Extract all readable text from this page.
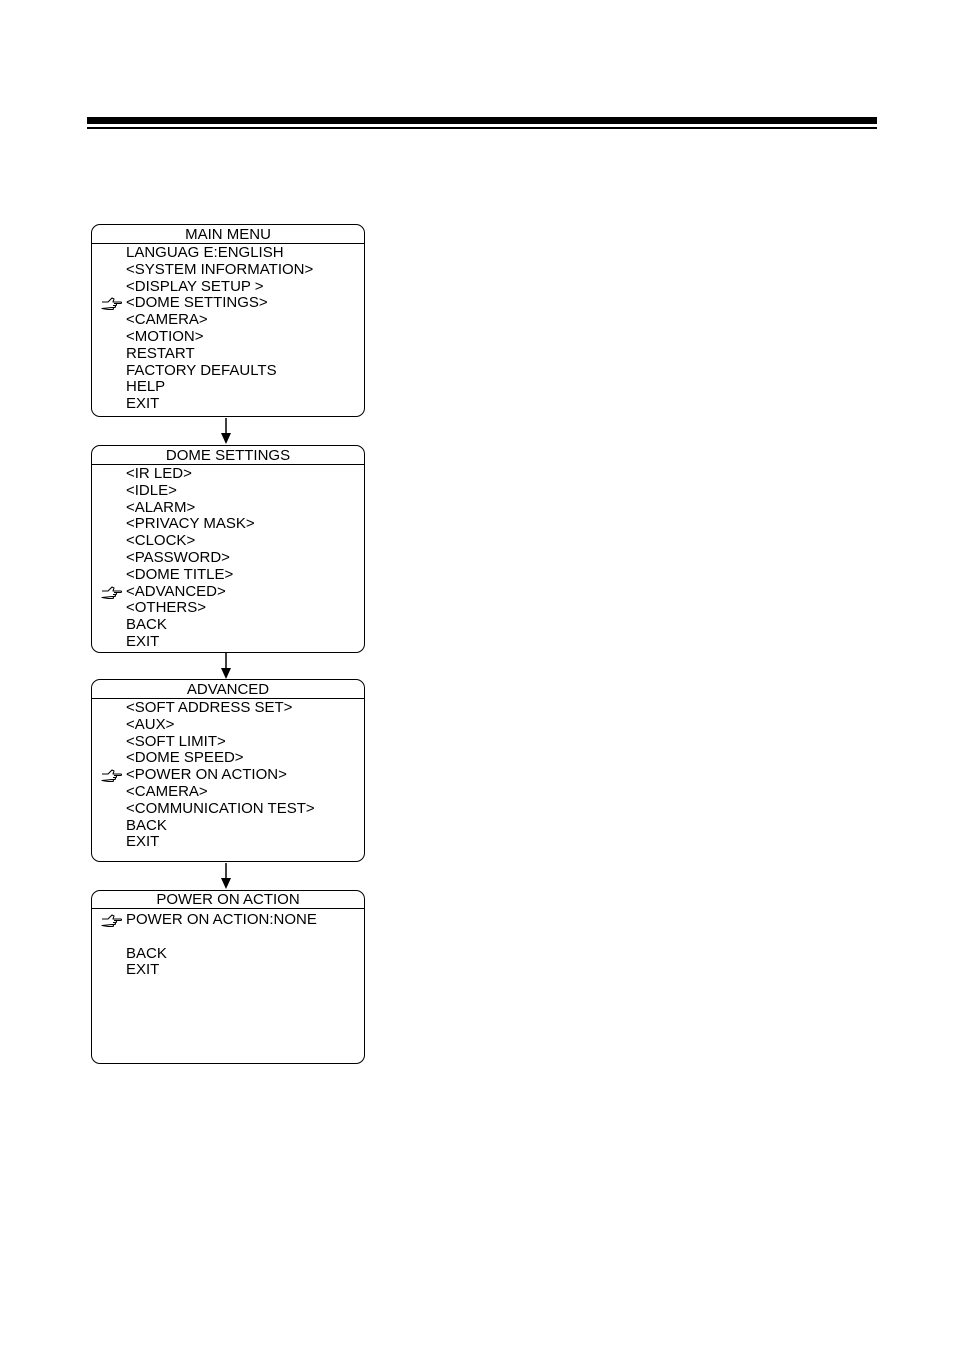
MAIN MENU
LANGUAG E:ENGLISH
<SYSTEM INFORMATION>
<DISPLAY SETUP >
<DOME SETTINGS>
<CAMERA>
<MOTION>
RESTART
FACTORY DEFAULTS
HELP
EXIT
DOME SETTINGS
<IR LED>
<IDLE>
<ALARM>
<PRIVACY MASK>
<CLOCK>
<PASSWORD>
<DOME TITLE>
<ADVANCED>
<OTHERS>
BACK
EXIT
ADVANCED
<SOFT ADDRESS SET>
<AUX>
<SOFT LIMIT>
<DOME SPEED>
<POWER ON ACTION>
<CAMERA>
<COMMUNICATION TEST>
BACK
EXIT
POWER ON ACTION
POWER ON ACTION:NONE
BACK
EXIT
